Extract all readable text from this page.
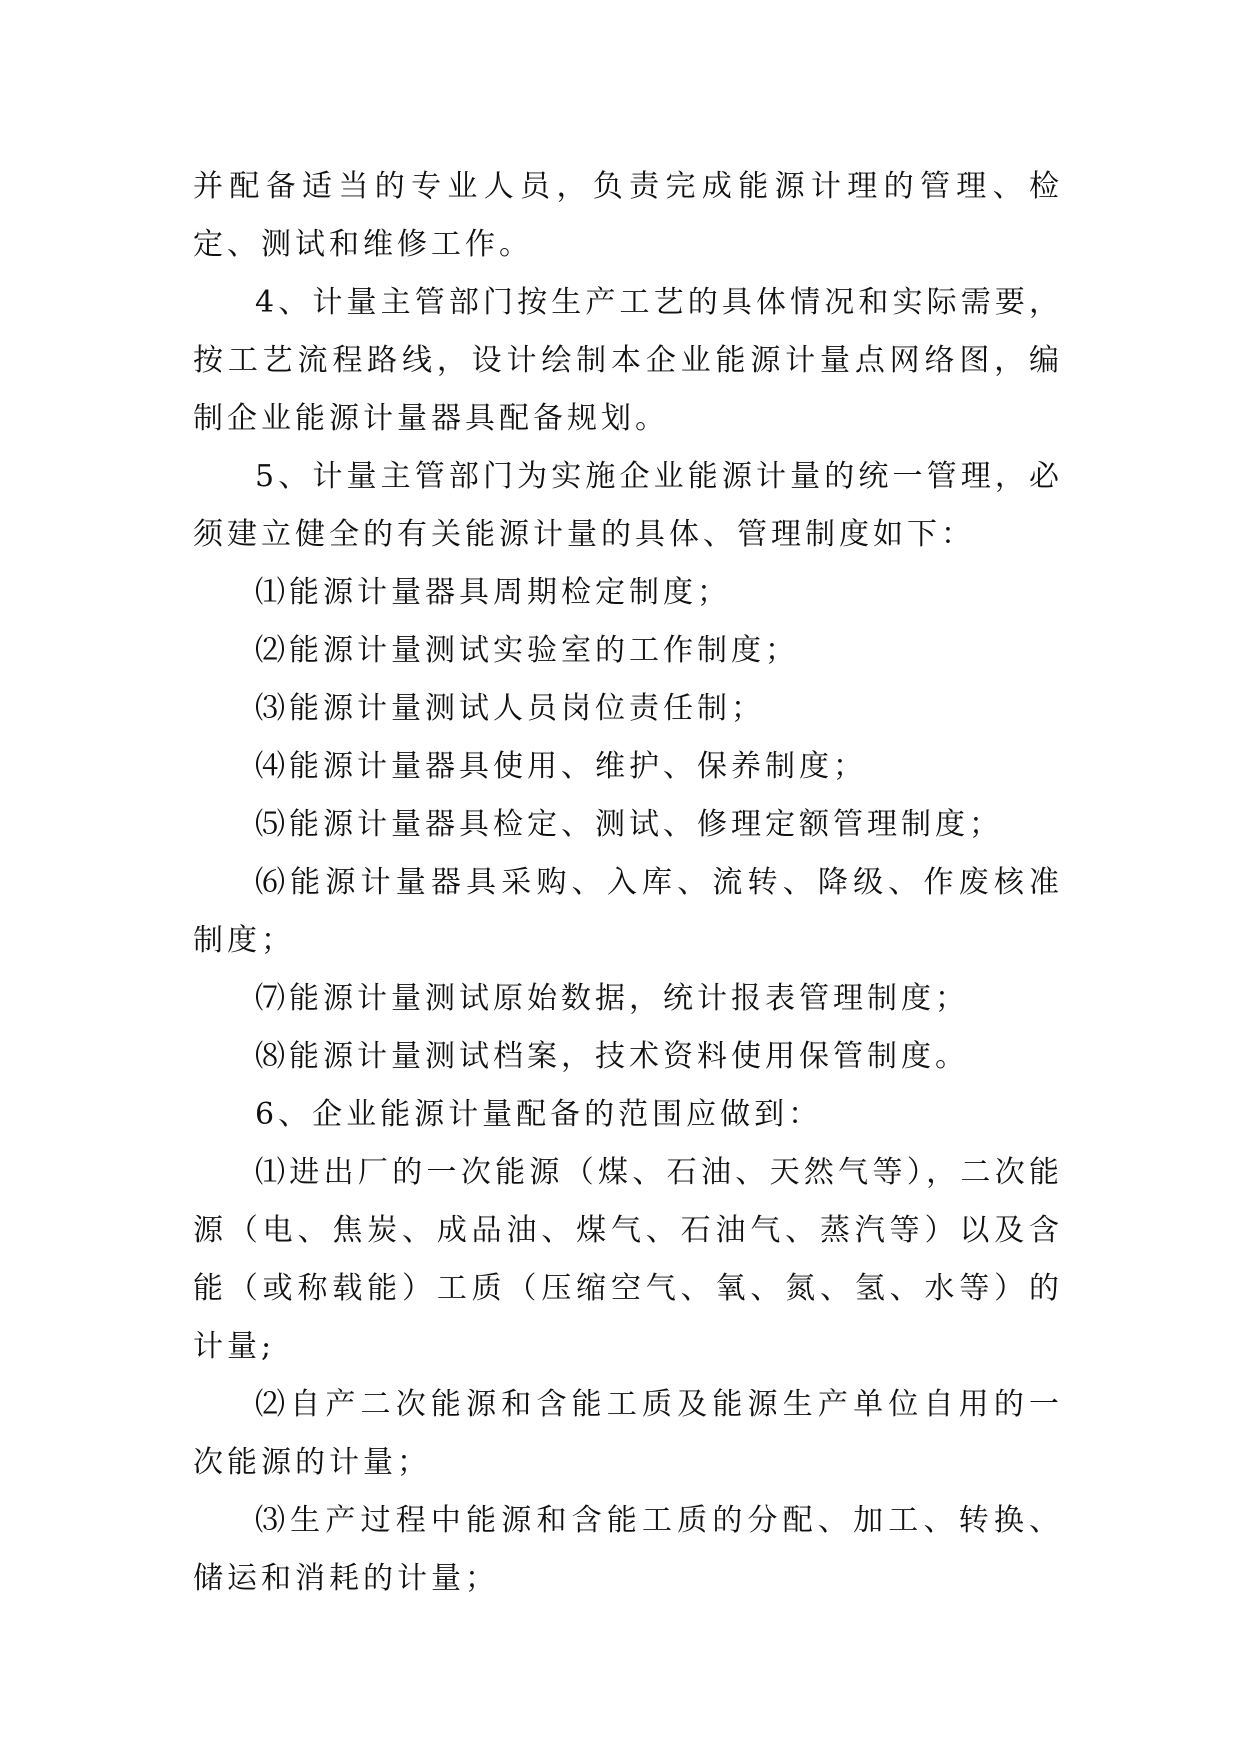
并配备适当的专业人员，负责完成能源计理的管理、检定、测试和维修工作。

4、计量主管部门按生产工艺的具体情况和实际需要，按工艺流程路线，设计绘制本企业能源计量点网络图，编制企业能源计量器具配备规划。

5、计量主管部门为实施企业能源计量的统一管理，必须建立健全的有关能源计量的具体、管理制度如下：

⑴能源计量器具周期检定制度；

⑵能源计量测试实验室的工作制度；

⑶能源计量测试人员岗位责任制；

⑷能源计量器具使用、维护、保养制度；

⑸能源计量器具检定、测试、修理定额管理制度；

⑹能源计量器具采购、入库、流转、降级、作废核准制度；

⑺能源计量测试原始数据，统计报表管理制度；

⑻能源计量测试档案，技术资料使用保管制度。

6、企业能源计量配备的范围应做到：

⑴进出厂的一次能源（煤、石油、天然气等），二次能源（电、焦炭、成品油、煤气、石油气、蒸汽等）以及含能（或称载能）工质（压缩空气、氧、氮、氢、水等）的计量;

⑵自产二次能源和含能工质及能源生产单位自用的一次能源的计量；

⑶生产过程中能源和含能工质的分配、加工、转换、储运和消耗的计量；
